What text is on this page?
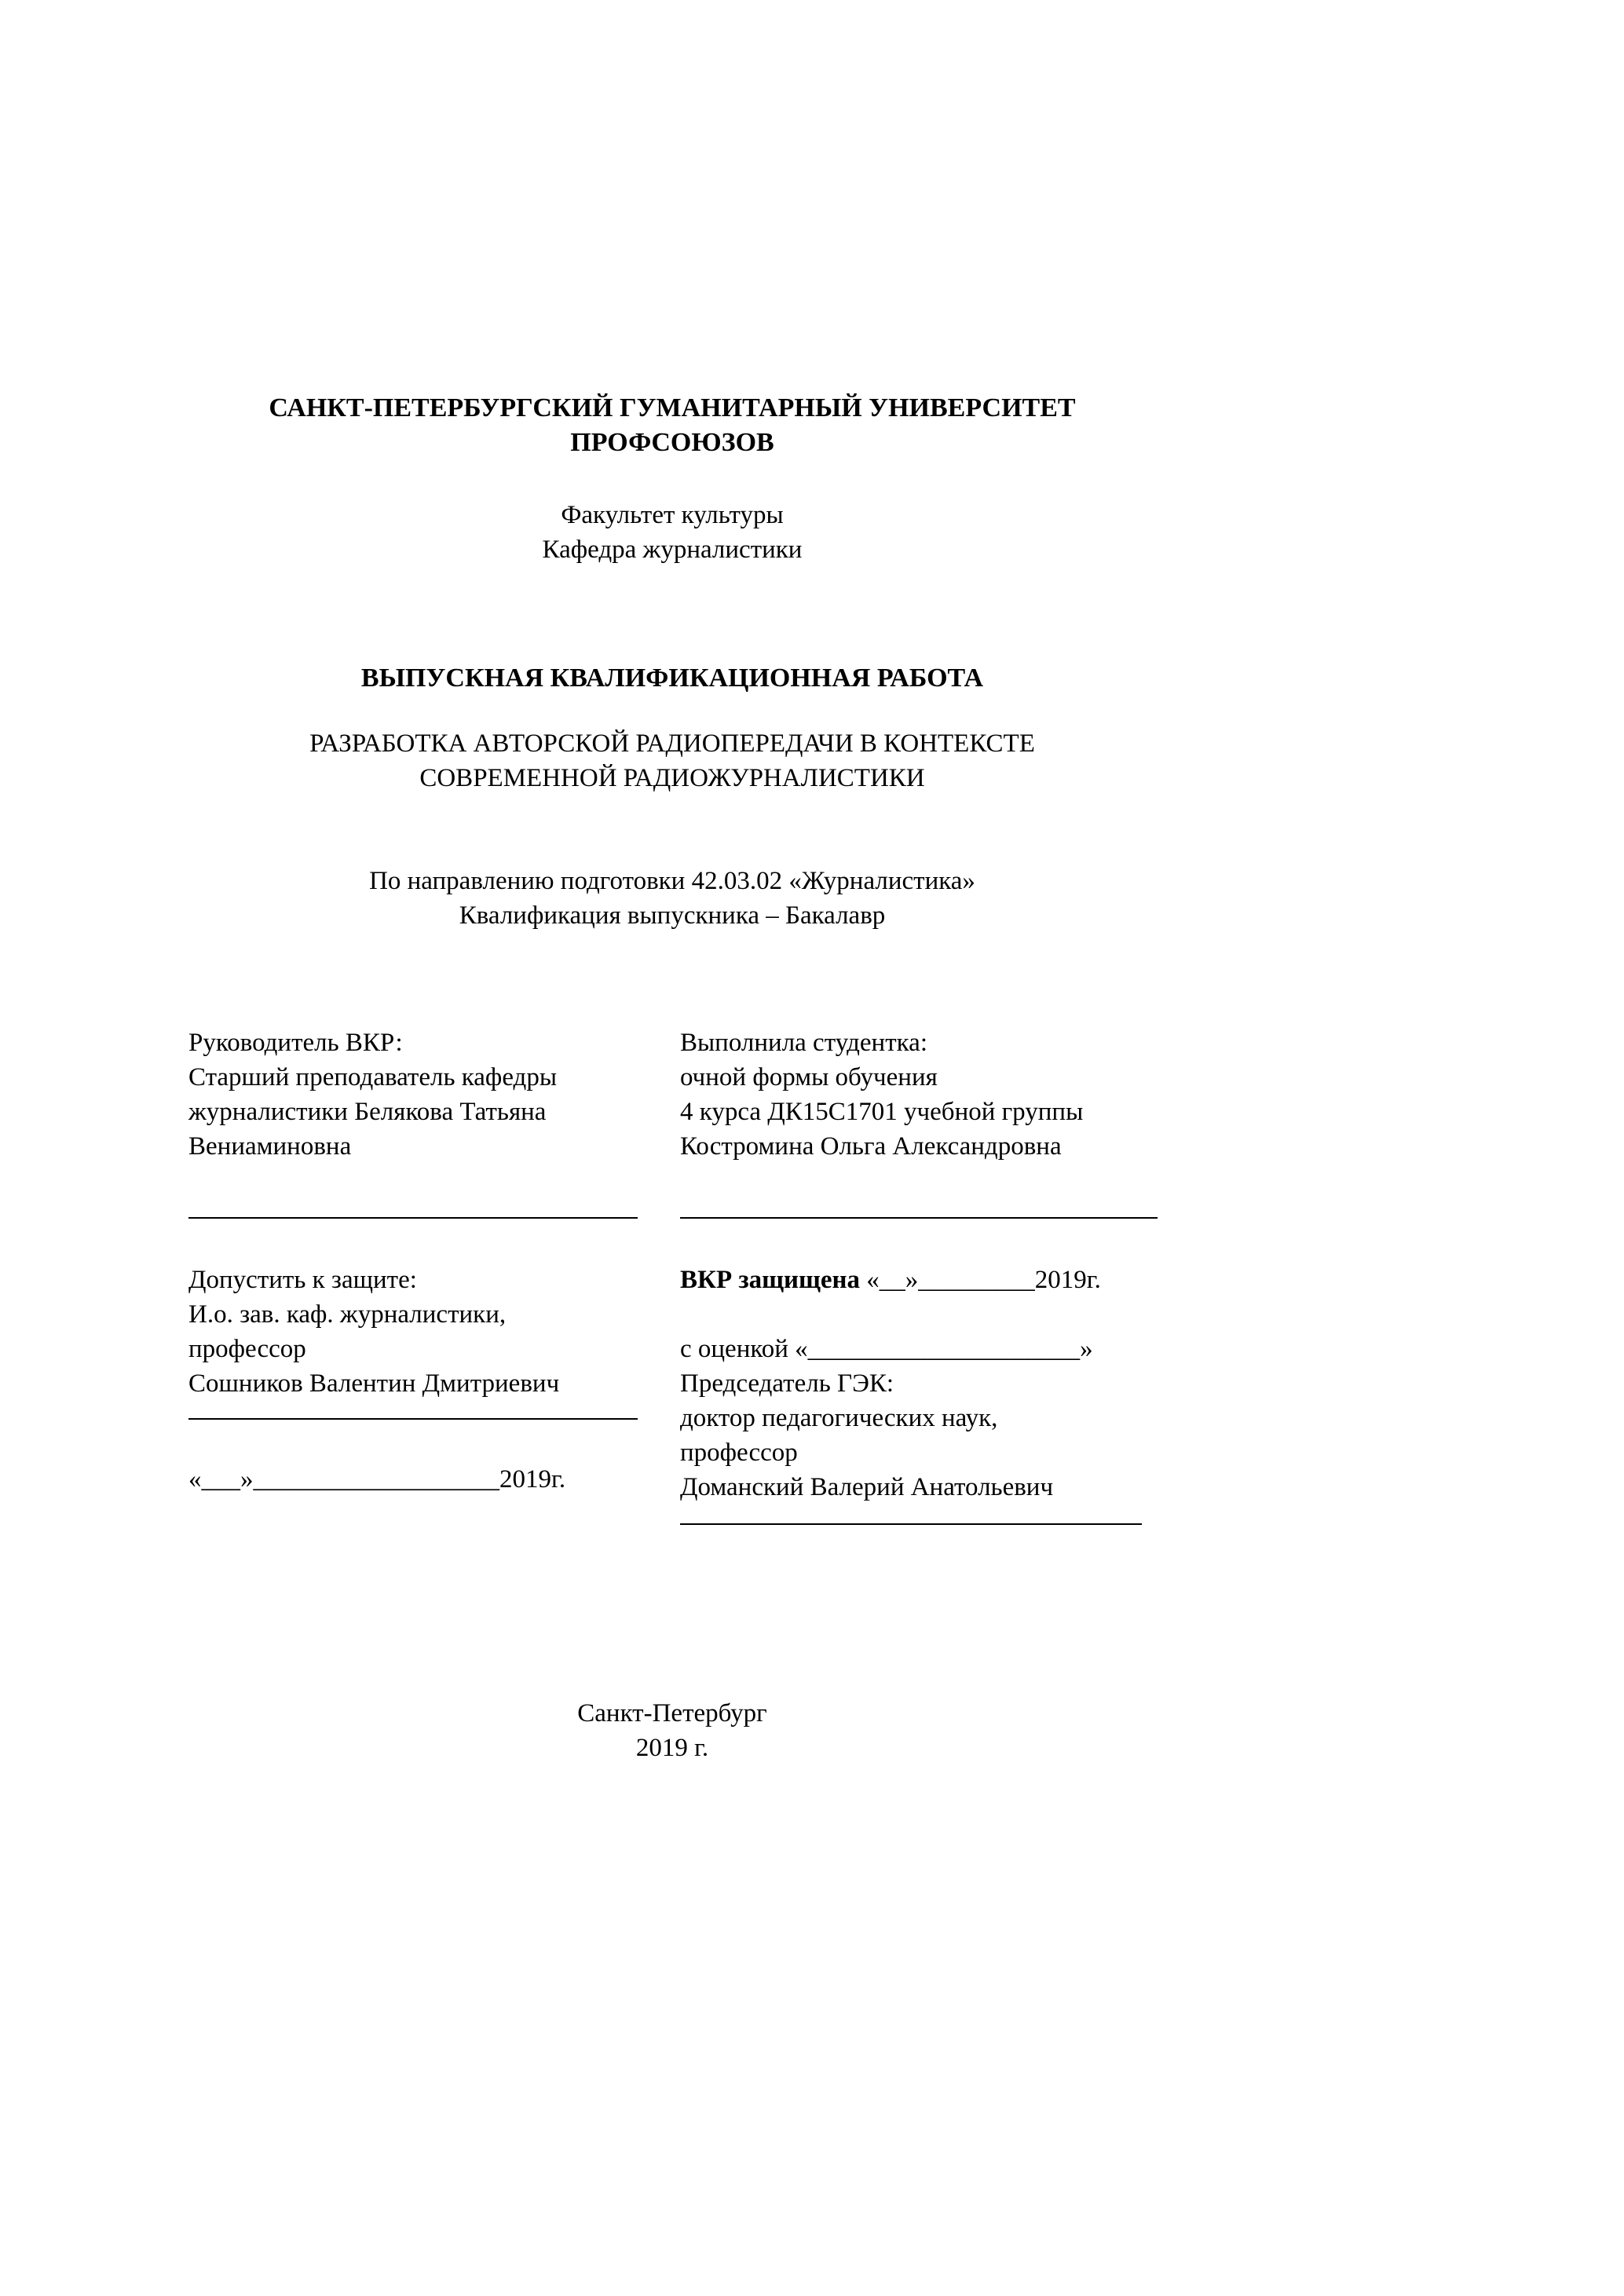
САНКТ-ПЕТЕРБУРГСКИЙ ГУМАНИТАРНЫЙ УНИВЕРСИТЕТ
ПРОФСОЮЗОВ
Факультет культуры
Кафедра журналистики
ВЫПУСКНАЯ КВАЛИФИКАЦИОННАЯ РАБОТА
РАЗРАБОТКА АВТОРСКОЙ РАДИОПЕРЕДАЧИ В КОНТЕКСТЕ
СОВРЕМЕННОЙ РАДИОЖУРНАЛИСТИКИ
По направлению подготовки 42.03.02 «Журналистика»
Квалификация выпускника – Бакалавр
Руководитель ВКР:
Старший преподаватель кафедры
журналистики Белякова Татьяна
Вениаминовна
Выполнила студентка:
очной формы обучения
4 курса ДК15С1701 учебной группы
Костромина Ольга Александровна
Допустить к защите:
И.о. зав. каф. журналистики,
профессор
Сошников Валентин Дмитриевич
«___»___________________2019г.
ВКР защищена «__»_________2019г.
с оценкой «_____________________»
Председатель ГЭК:
доктор педагогических наук,
профессор
Доманский Валерий Анатольевич
Санкт-Петербург
2019 г.
